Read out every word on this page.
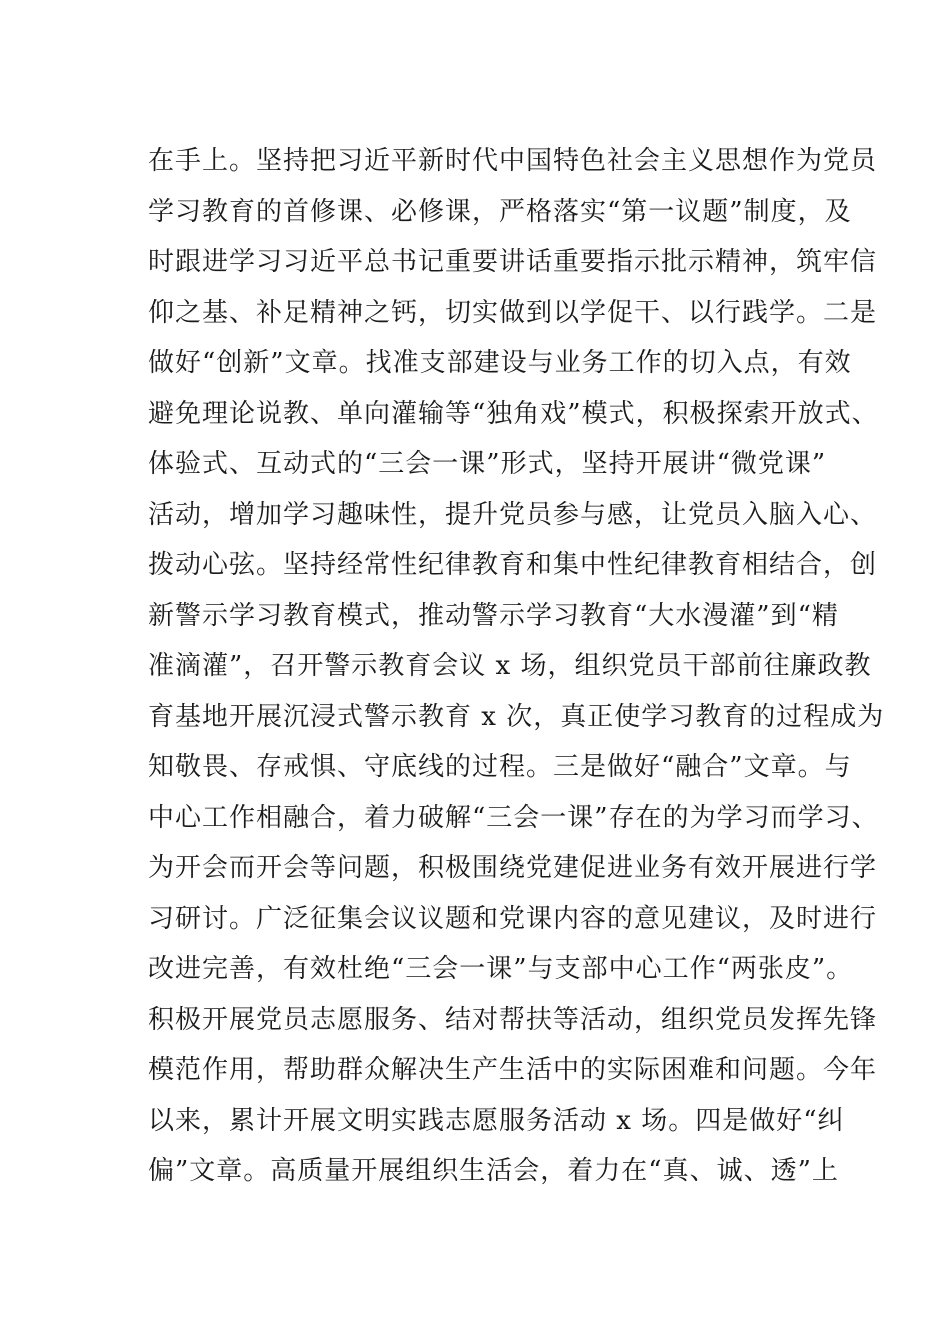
在手上。坚持把习近平新时代中国特色社会主义思想作为党员
学习教育的首修课、必修课，严格落实“第一议题”制度，及
时跟进学习习近平总书记重要讲话重要指示批示精神，筑牢信
仰之基、补足精神之钙，切实做到以学促干、以行践学。二是
做好“创新”文章。找准支部建设与业务工作的切入点，有效
避免理论说教、单向灌输等“独角戏”模式，积极探索开放式、
体验式、互动式的“三会一课”形式，坚持开展讲“微党课”
活动，增加学习趣味性，提升党员参与感，让党员入脑入心、
拨动心弦。坚持经常性纪律教育和集中性纪律教育相结合，创
新警示学习教育模式，推动警示学习教育“大水漫灌”到“精
准滴灌”，召开警示教育会议 x 场，组织党员干部前往廉政教
育基地开展沉浸式警示教育 x 次，真正使学习教育的过程成为
知敬畏、存戒惧、守底线的过程。三是做好“融合”文章。与
中心工作相融合，着力破解“三会一课”存在的为学习而学习、
为开会而开会等问题，积极围绕党建促进业务有效开展进行学
习研讨。广泛征集会议议题和党课内容的意见建议，及时进行
改进完善，有效杜绝“三会一课”与支部中心工作“两张皮”。
积极开展党员志愿服务、结对帮扶等活动，组织党员发挥先锋
模范作用，帮助群众解决生产生活中的实际困难和问题。今年
以来，累计开展文明实践志愿服务活动 x 场。四是做好“纠
偏”文章。高质量开展组织生活会，着力在“真、诚、透”上
